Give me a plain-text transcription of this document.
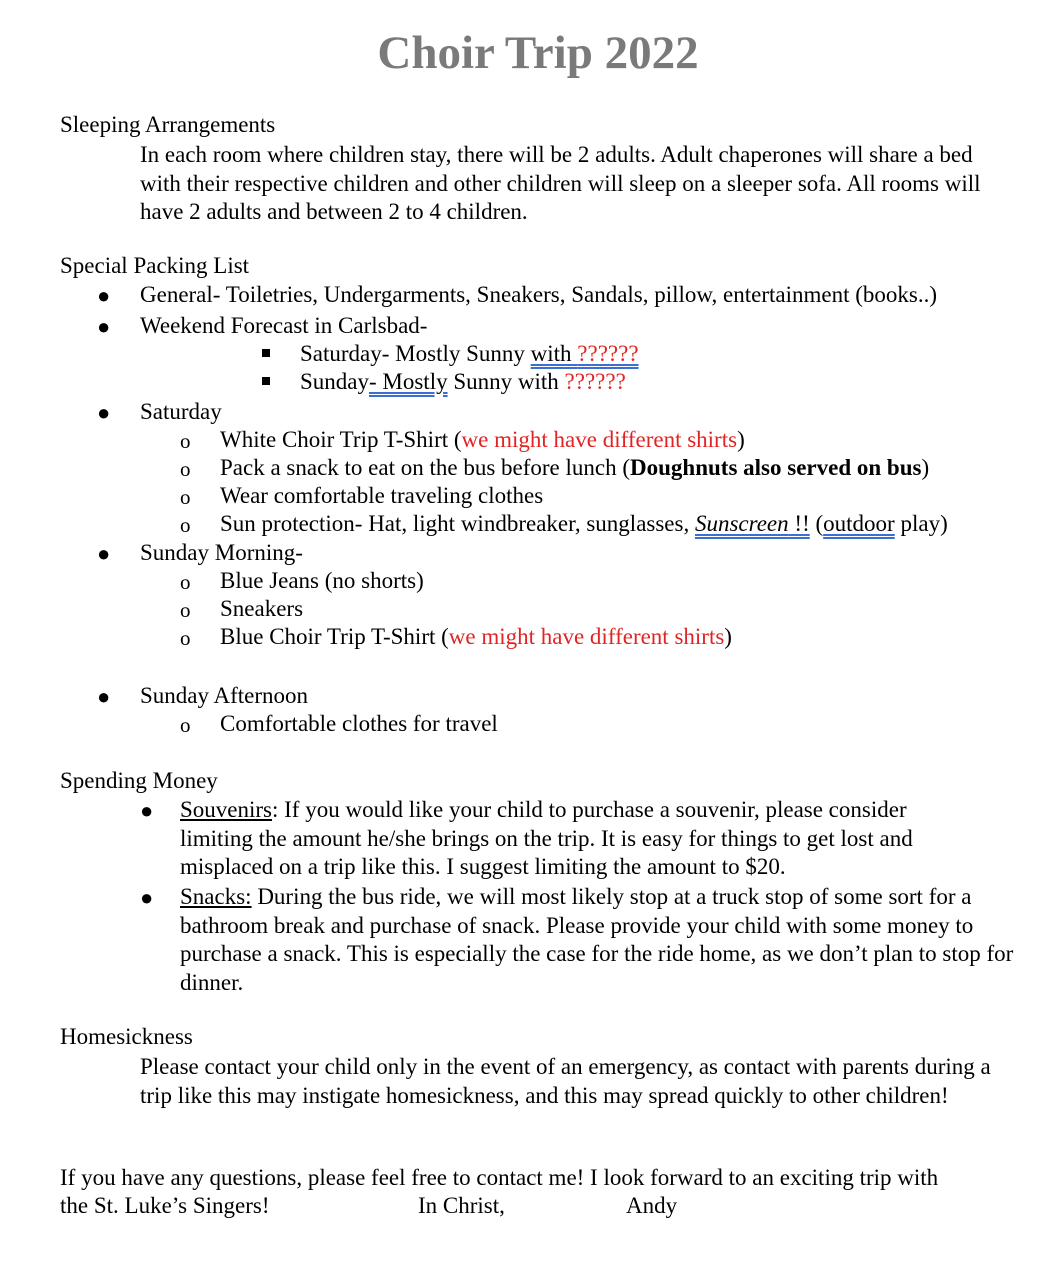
Choir Trip 2022
Sleeping Arrangements
In each room where children stay, there will be 2 adults. Adult chaperones will share a bed with their respective children and other children will sleep on a sleeper sofa. All rooms will have 2 adults and between 2 to 4 children.
Special Packing List
● General- Toiletries, Undergarments, Sneakers, Sandals, pillow, entertainment (books..)
● Weekend Forecast in Carlsbad-
Saturday- Mostly Sunny with ??????
Sunday- Mostly Sunny with ??????
● Saturday
o White Choir Trip T-Shirt (we might have different shirts)
o Pack a snack to eat on the bus before lunch (Doughnuts also served on bus)
o Wear comfortable traveling clothes
o Sun protection- Hat, light windbreaker, sunglasses, Sunscreen !! (outdoor play)
● Sunday Morning-
o Blue Jeans (no shorts)
o Sneakers
o Blue Choir Trip T-Shirt (we might have different shirts)
● Sunday Afternoon
o Comfortable clothes for travel
Spending Money
● Souvenirs: If you would like your child to purchase a souvenir, please consider limiting the amount he/she brings on the trip. It is easy for things to get lost and misplaced on a trip like this. I suggest limiting the amount to $20.
● Snacks: During the bus ride, we will most likely stop at a truck stop of some sort for a bathroom break and purchase of snack. Please provide your child with some money to purchase a snack. This is especially the case for the ride home, as we don’t plan to stop for dinner.
Homesickness
Please contact your child only in the event of an emergency, as contact with parents during a trip like this may instigate homesickness, and this may spread quickly to other children!
If you have any questions, please feel free to contact me! I look forward to an exciting trip with
the St. Luke’s Singers!	In Christ,	Andy
